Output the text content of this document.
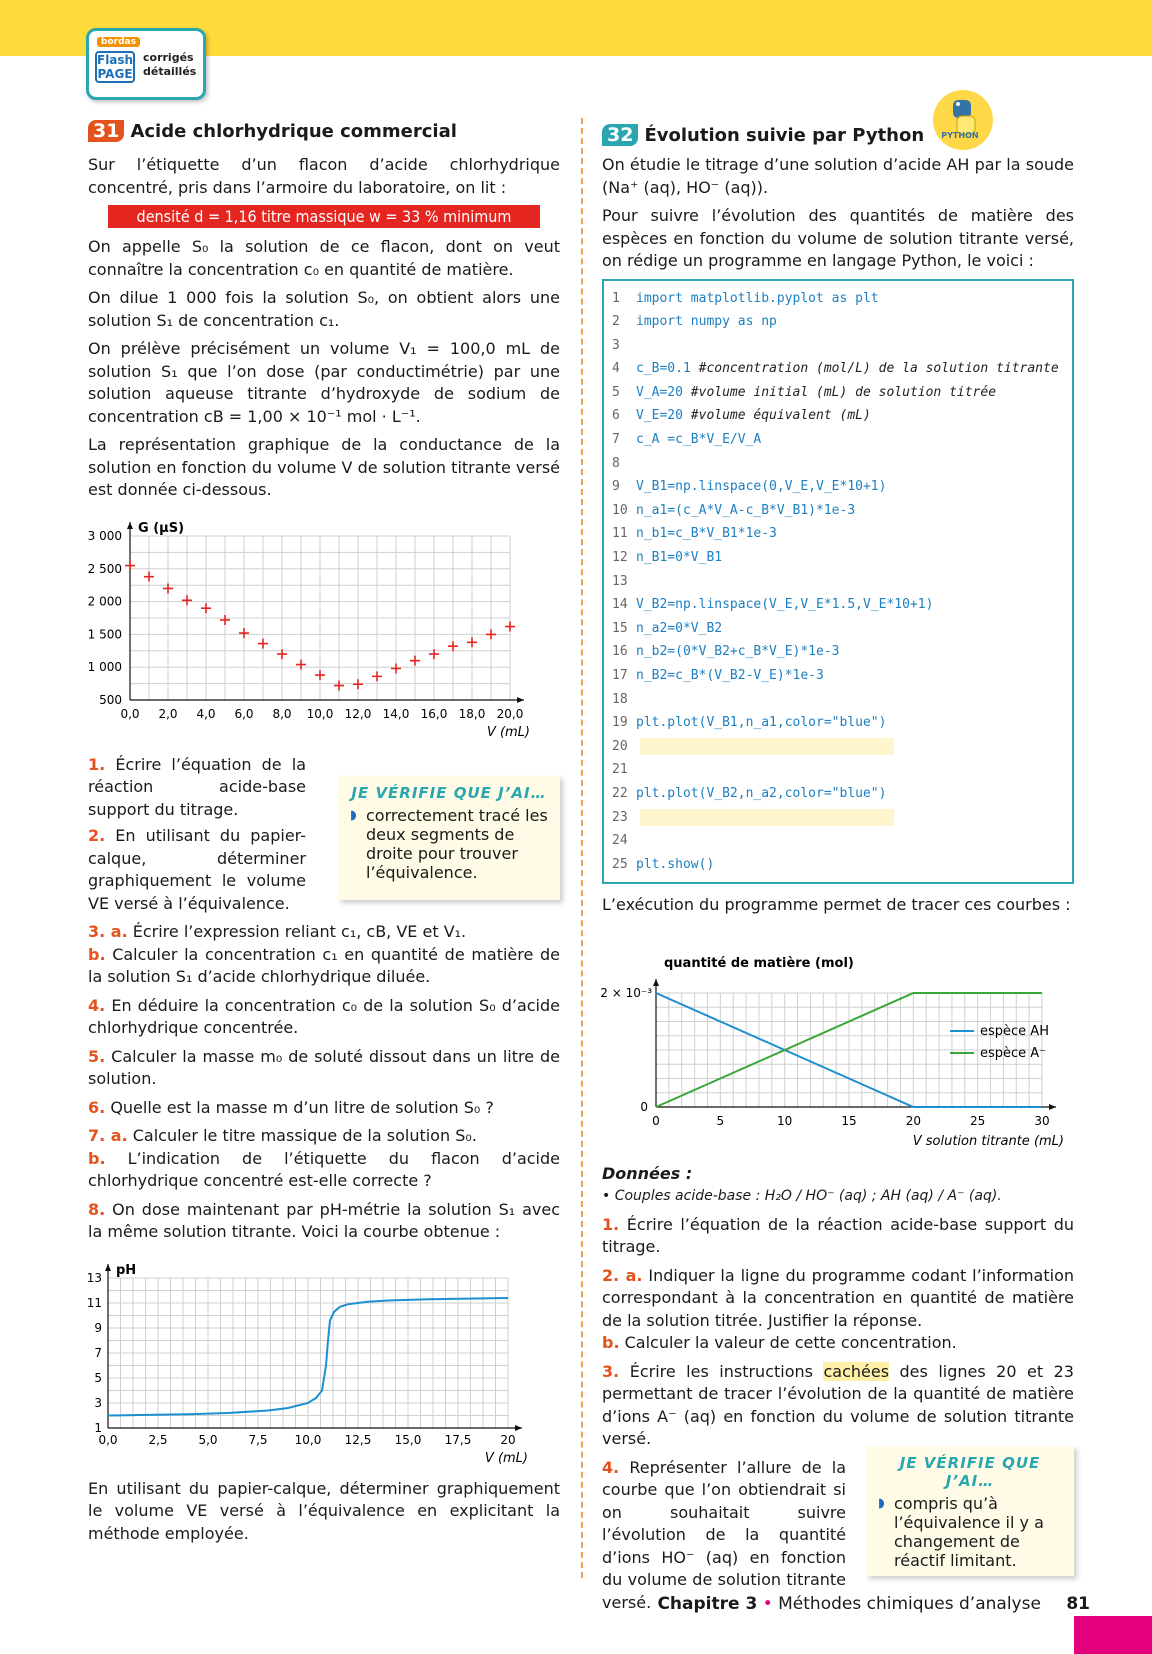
bordas
Flash
PAGE
corrigés
détaillés
31 Acide chlorhydrique commercial

Sur l’étiquette d’un flacon d’acide chlorhydrique concentré, pris dans l’armoire du laboratoire, on lit :

densité d = 1,16 titre massique w = 33 % minimum

On appelle S₀ la solution de ce flacon, dont on veut connaître la concentration c₀ en quantité de matière.

On dilue 1 000 fois la solution S₀, on obtient alors une solution S₁ de concentration c₁.

On prélève précisément un volume V₁ = 100,0 mL de solution S₁ que l’on dose (par conductimétrie) par une solution aqueuse titrante d’hydroxyde de sodium de concentration cB = 1,00 × 10⁻¹ mol · L⁻¹.

La représentation graphique de la conductance de la solution en fonction du volume V de solution titrante versé est donnée ci-dessous.

0,0 2,0 4,0 6,0 8,0 10,0 12,0 14,0 16,0 18,0 20,0
500
1 000
1 500
2 000
2 500
3 000 G (µS)
V (mL)

1. Écrire l’équation de la réaction acide-base support du titrage.

2. En utilisant du papier-calque, déterminer graphiquement le volume VE versé à l’équivalence.

3. a. Écrire l’expression reliant c₁, cB, VE et V₁.
b. Calculer la concentration c₁ en quantité de matière de la solution S₁ d’acide chlorhydrique diluée.

4. En déduire la concentration c₀ de la solution S₀ d’acide chlorhydrique concentrée.

5. Calculer la masse m₀ de soluté dissout dans un litre de solution.

6. Quelle est la masse m d’un litre de solution S₀ ?

7. a. Calculer le titre massique de la solution S₀.
b. L’indication de l’étiquette du flacon d’acide chlorhydrique concentré est-elle correcte ?

8. On dose maintenant par pH-métrie la solution S₁ avec la même solution titrante. Voici la courbe obtenue :

0,0	2,5	5,0	7,5 10,0 12,5 15,0 17,5 20
1
3
5
7
9
11
13 pH
V (mL)

En utilisant du papier-calque, déterminer graphiquement le volume VE versé à l’équivalence en explicitant la méthode employée.

JE VÉRIFIE QUE J’AI…
◗ correctement tracé les deux segments de droite pour trouver l’équivalence.
32 Évolution suivie par Python PYTHON

On étudie le titrage d’une solution d’acide AH par la soude (Na⁺ (aq), HO⁻ (aq)).

Pour suivre l’évolution des quantités de matière des espèces en fonction du volume de solution titrante versé, on rédige un programme en langage Python, le voici :

1 import matplotlib.pyplot as plt
2 import numpy as np
3
4 c_B=0.1 #concentration (mol/L) de la solution titrante
5 V_A=20 #volume initial (mL) de solution titrée
6 V_E=20 #volume équivalent (mL)
7 c_A =c_B*V_E/V_A
8
9 V_B1=np.linspace(0,V_E,V_E*10+1)
10 n_a1=(c_A*V_A-c_B*V_B1)*1e-3
11 n_b1=c_B*V_B1*1e-3
12 n_B1=0*V_B1
13
14 V_B2=np.linspace(V_E,V_E*1.5,V_E*10+1)
15 n_a2=0*V_B2
16 n_b2=(0*V_B2+c_B*V_E)*1e-3
17 n_B2=c_B*(V_B2-V_E)*1e-3
18
19 plt.plot(V_B1,n_a1,color="blue")
20
21
22 plt.plot(V_B2,n_a2,color="blue")
23
24
25 plt.show()

L’exécution du programme permet de tracer ces courbes :

0	5	10	15	20	25	30
0
2 × 10⁻³
quantité de matière (mol)
V solution titrante (mL)
espèce AH
espèce A⁻

Données :

• Couples acide-base : H₂O / HO⁻ (aq) ; AH (aq) / A⁻ (aq).

1. Écrire l’équation de la réaction acide-base support du titrage.

2. a. Indiquer la ligne du programme codant l’information correspondant à la concentration en quantité de matière de la solution titrée. Justifier la réponse.
b. Calculer la valeur de cette concentration.

3. Écrire les instructions cachées des lignes 20 et 23 permettant de tracer l’évolution de la quantité de matière d’ions A⁻ (aq) en fonction du volume de solution titrante versé.

4. Représenter l’allure de la courbe que l’on obtiendrait si on souhaitait suivre l’évolution de la quantité d’ions HO⁻ (aq) en fonction du volume de solution titrante versé.

JE VÉRIFIE QUE J’AI…
◗ compris qu’à l’équivalence il y a changement de réactif limitant.
Chapitre 3 • Méthodes chimiques d’analyse 81
